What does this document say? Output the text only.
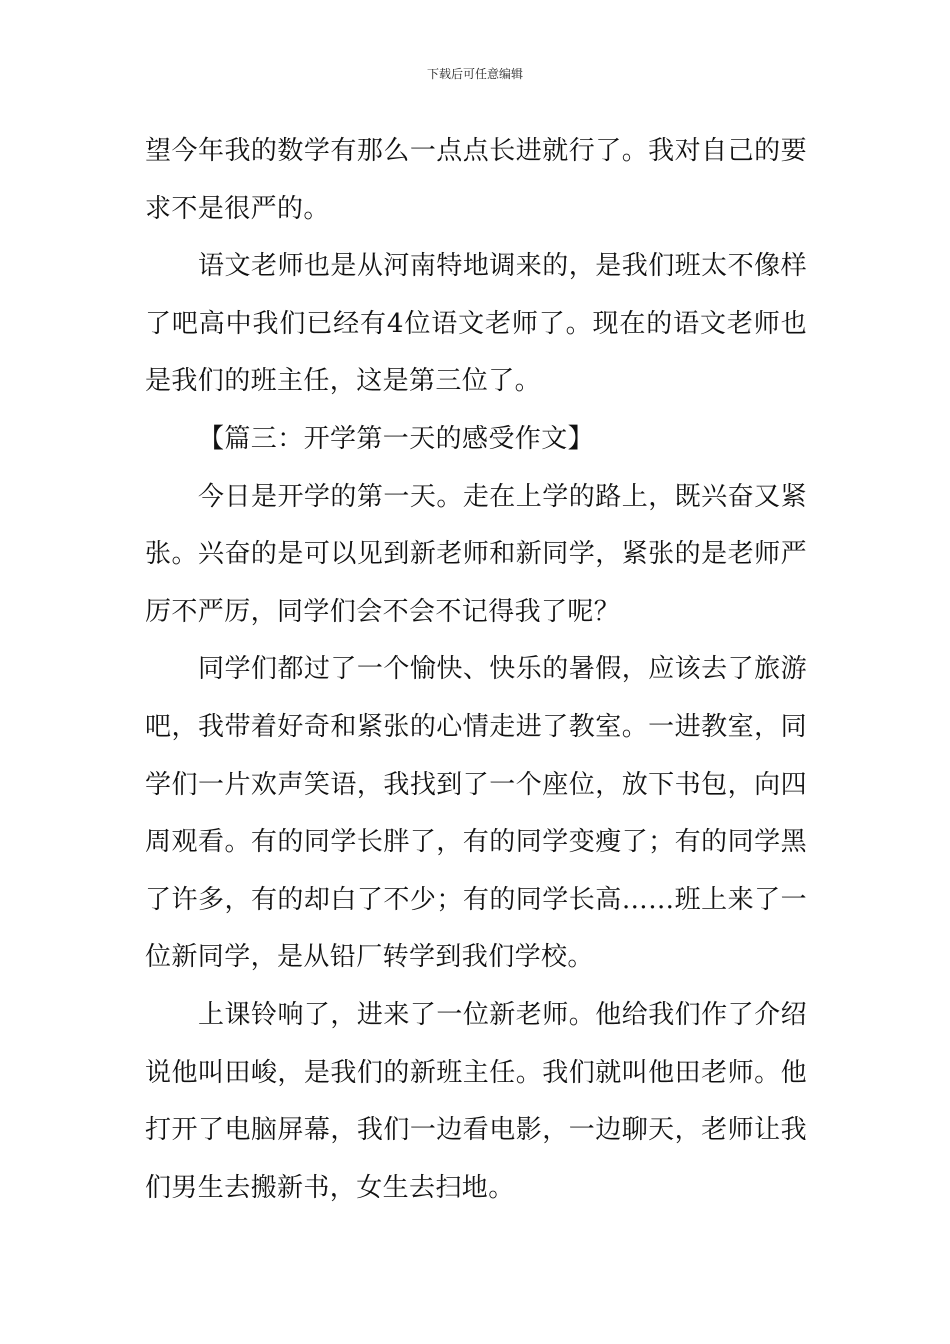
下载后可任意编辑

望今年我的数学有那么一点点长进就行了。我对自己的要求不是很严的。

语文老师也是从河南特地调来的，是我们班太不像样了吧高中我们已经有4位语文老师了。现在的语文老师也是我们的班主任，这是第三位了。

【篇三：开学第一天的感受作文】

今日是开学的第一天。走在上学的路上，既兴奋又紧张。兴奋的是可以见到新老师和新同学，紧张的是老师严厉不严厉，同学们会不会不记得我了呢？

同学们都过了一个愉快、快乐的暑假，应该去了旅游吧，我带着好奇和紧张的心情走进了教室。一进教室，同学们一片欢声笑语，我找到了一个座位，放下书包，向四周观看。有的同学长胖了，有的同学变瘦了；有的同学黑了许多，有的却白了不少；有的同学长高……班上来了一位新同学，是从铅厂转学到我们学校。

上课铃响了，进来了一位新老师。他给我们作了介绍说他叫田峻，是我们的新班主任。我们就叫他田老师。他打开了电脑屏幕，我们一边看电影，一边聊天，老师让我们男生去搬新书，女生去扫地。
